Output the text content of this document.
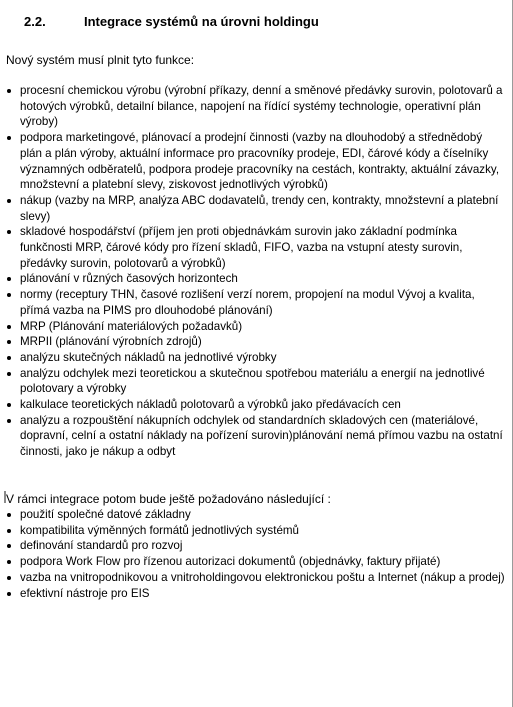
2.2.	Integrace systémů na úrovni holdingu
Nový systém musí plnit tyto funkce:
procesní chemickou výrobu (výrobní příkazy, denní a směnové předávky surovin, polotovarů a hotových výrobků, detailní bilance, napojení na řídící systémy technologie, operativní plán výroby)
podpora marketingové, plánovací a prodejní činnosti (vazby na dlouhodobý a střednědobý plán a plán výroby, aktuální informace pro pracovníky prodeje, EDI, čárové kódy a číselníky významných odběratelů, podpora prodeje pracovníky na cestách, kontrakty, aktuální závazky, množstevní a platební slevy, ziskovost jednotlivých výrobků)
nákup (vazby na MRP, analýza ABC dodavatelů, trendy cen, kontrakty, množstevní a platební slevy)
skladové hospodářství (příjem jen proti objednávkám surovin jako základní podmínka funkčnosti MRP, čárové kódy pro řízení skladů, FIFO, vazba na vstupní atesty surovin, předávky surovin, polotovarů a výrobků)
plánování v různých časových horizontech
normy (receptury THN, časové rozlišení verzí norem, propojení na modul Vývoj a kvalita, přímá vazba na PIMS pro dlouhodobé plánování)
MRP (Plánování materiálových požadavků)
MRPII (plánování výrobních zdrojů)
analýzu skutečných nákladů na jednotlivé výrobky
analýzu odchylek mezi teoretickou a skutečnou spotřebou materiálu a energií na jednotlivé polotovary a výrobky
kalkulace teoretických nákladů polotovarů a výrobků jako předávacích cen
analýzu a rozpouštění nákupních odchylek od standardních skladových cen (materiálové, dopravní, celní a ostatní náklady na pořízení surovin)plánování nemá přímou vazbu na ostatní činnosti, jako je nákup a odbyt
V rámci integrace potom bude ještě požadováno následující :
použití společné datové základny
kompatibilita výměnných formátů jednotlivých systémů
definování standardů pro rozvoj
podpora Work Flow pro řízenou autorizaci dokumentů (objednávky, faktury přijaté)
vazba na vnitropodnikovou a vnitroholdingovou elektronickou poštu a Internet (nákup a prodej)
efektivní nástroje pro EIS
